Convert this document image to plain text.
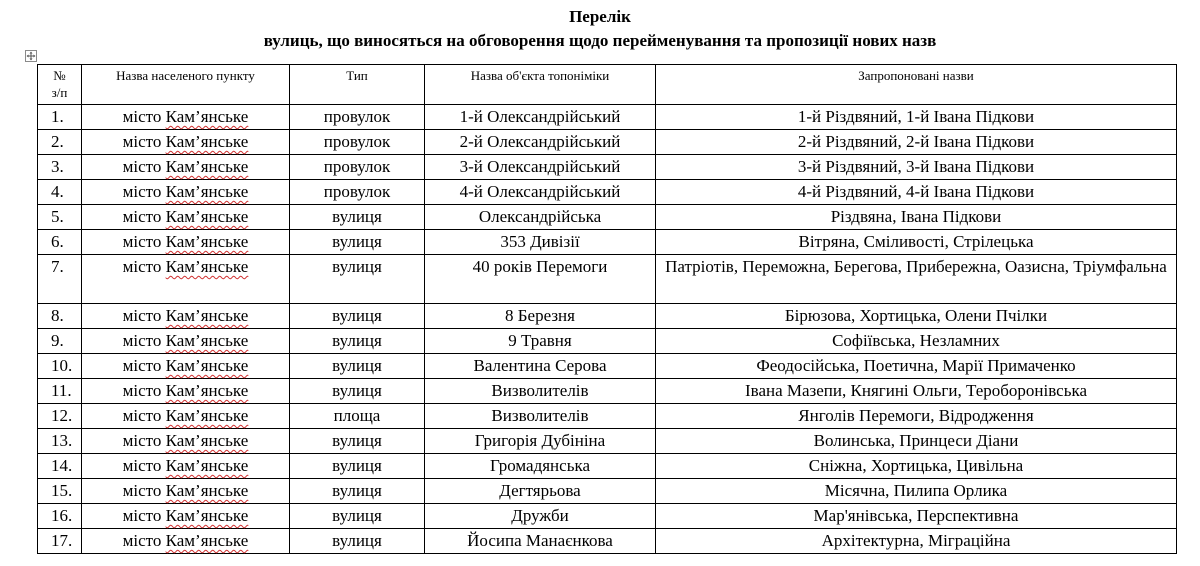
Перелік
вулиць, що виносяться на обговорення щодо перейменування та пропозиції нових назв
№
з/п	Назва населеного пункту	Тип	Назва об'єкта топоніміки	Запропоновані назви
1.	місто Кам’янське	провулок	1-й Олександрійський	1-й Різдвяний, 1-й Івана Підкови
2.	місто Кам’янське	провулок	2-й Олександрійський	2-й Різдвяний, 2-й Івана Підкови
3.	місто Кам’янське	провулок	3-й Олександрійський	3-й Різдвяний, 3-й Івана Підкови
4.	місто Кам’янське	провулок	4-й Олександрійський	4-й Різдвяний, 4-й Івана Підкови
5.	місто Кам’янське	вулиця	Олександрійська	Різдвяна, Івана Підкови
6.	місто Кам’янське	вулиця	353 Дивізії	Вітряна, Сміливості, Стрілецька
7.	місто Кам’янське	вулиця	40 років Перемоги	Патріотів, Переможна, Берегова, Прибережна, Оазисна, Тріумфальна
8.	місто Кам’янське	вулиця	8 Березня	Бірюзова, Хортицька, Олени Пчілки
9.	місто Кам’янське	вулиця	9 Травня	Софіївська, Незламних
10.	місто Кам’янське	вулиця	Валентина Серова	Феодосійська, Поетична, Марії Примаченко
11.	місто Кам’янське	вулиця	Визволителів	Івана Мазепи, Княгині Ольги, Тероборонівська
12.	місто Кам’янське	площа	Визволителів	Янголів Перемоги, Відродження
13.	місто Кам’янське	вулиця	Григорія Дубініна	Волинська, Принцеси Діани
14.	місто Кам’янське	вулиця	Громадянська	Сніжна, Хортицька, Цивільна
15.	місто Кам’янське	вулиця	Дегтярьова	Місячна, Пилипа Орлика
16.	місто Кам’янське	вулиця	Дружби	Мар'янівська, Перспективна
17.	місто Кам’янське	вулиця	Йосипа Манаєнкова	Архітектурна, Міграційна
